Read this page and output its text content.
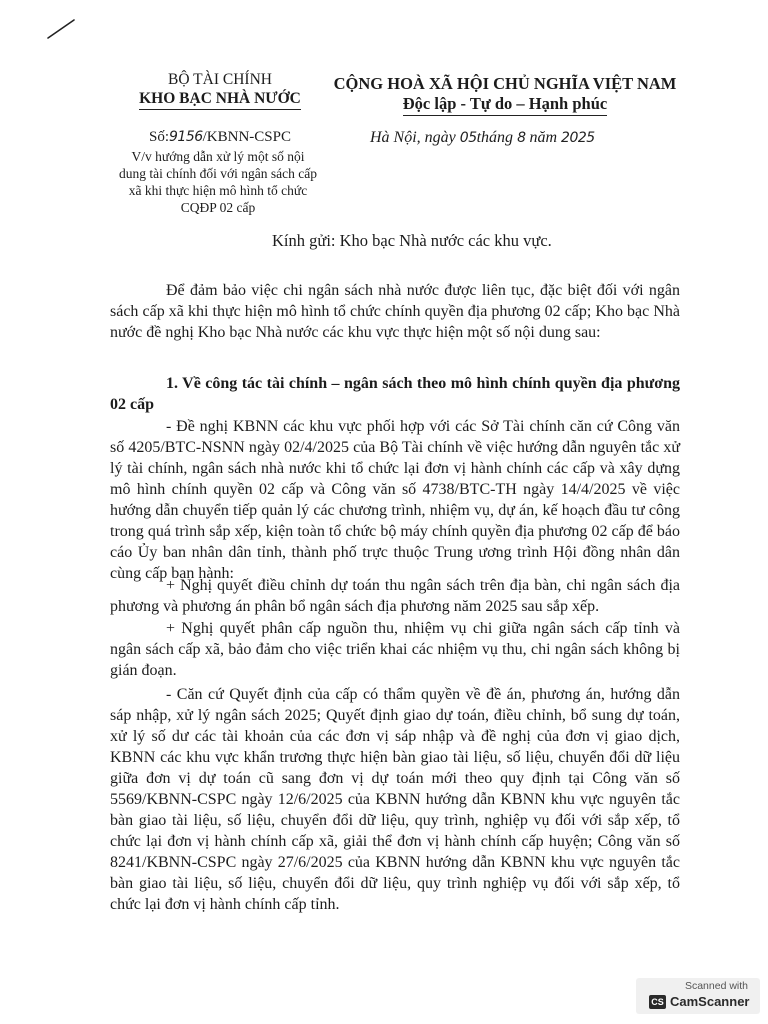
BỘ TÀI CHÍNH
KHO BẠC NHÀ NƯỚC
CỘNG HOÀ XÃ HỘI CHỦ NGHĨA VIỆT NAM
Độc lập - Tự do – Hạnh phúc
Số:9156/KBNN-CSPC
V/v hướng dẫn xử lý một số nội
dung tài chính đối với ngân sách cấp
xã khi thực hiện mô hình tổ chức
CQĐP 02 cấp
Hà Nội, ngày 05tháng 8 năm 2025
Kính gửi: Kho bạc Nhà nước các khu vực.

Để đảm bảo việc chi ngân sách nhà nước được liên tục, đặc biệt đối với ngân sách cấp xã khi thực hiện mô hình tổ chức chính quyền địa phương 02 cấp; Kho bạc Nhà nước đề nghị Kho bạc Nhà nước các khu vực thực hiện một số nội dung sau:

1. Về công tác tài chính – ngân sách theo mô hình chính quyền địa phương 02 cấp

- Đề nghị KBNN các khu vực phối hợp với các Sở Tài chính căn cứ Công văn số 4205/BTC-NSNN ngày 02/4/2025 của Bộ Tài chính về việc hướng dẫn nguyên tắc xử lý tài chính, ngân sách nhà nước khi tổ chức lại đơn vị hành chính các cấp và xây dựng mô hình chính quyền 02 cấp và Công văn số 4738/BTC-TH ngày 14/4/2025 về việc hướng dẫn chuyển tiếp quản lý các chương trình, nhiệm vụ, dự án, kế hoạch đầu tư công trong quá trình sắp xếp, kiện toàn tổ chức bộ máy chính quyền địa phương 02 cấp để báo cáo Ủy ban nhân dân tỉnh, thành phố trực thuộc Trung ương trình Hội đồng nhân dân cùng cấp ban hành:

+ Nghị quyết điều chỉnh dự toán thu ngân sách trên địa bàn, chi ngân sách địa phương và phương án phân bổ ngân sách địa phương năm 2025 sau sắp xếp.

+ Nghị quyết phân cấp nguồn thu, nhiệm vụ chi giữa ngân sách cấp tỉnh và ngân sách cấp xã, bảo đảm cho việc triển khai các nhiệm vụ thu, chi ngân sách không bị gián đoạn.

- Căn cứ Quyết định của cấp có thẩm quyền về đề án, phương án, hướng dẫn sáp nhập, xử lý ngân sách 2025; Quyết định giao dự toán, điều chỉnh, bổ sung dự toán, xử lý số dư các tài khoản của các đơn vị sáp nhập và đề nghị của đơn vị giao dịch, KBNN các khu vực khẩn trương thực hiện bàn giao tài liệu, số liệu, chuyển đổi dữ liệu giữa đơn vị dự toán cũ sang đơn vị dự toán mới theo quy định tại Công văn số 5569/KBNN-CSPC ngày 12/6/2025 của KBNN hướng dẫn KBNN khu vực nguyên tắc bàn giao tài liệu, số liệu, chuyển đổi dữ liệu, quy trình, nghiệp vụ đối với sắp xếp, tổ chức lại đơn vị hành chính cấp xã, giải thể đơn vị hành chính cấp huyện; Công văn số 8241/KBNN-CSPC ngày 27/6/2025 của KBNN hướng dẫn KBNN khu vực nguyên tắc bàn giao tài liệu, số liệu, chuyển đổi dữ liệu, quy trình nghiệp vụ đối với sắp xếp, tổ chức lại đơn vị hành chính cấp tỉnh.

Scanned with
CS CamScanner
